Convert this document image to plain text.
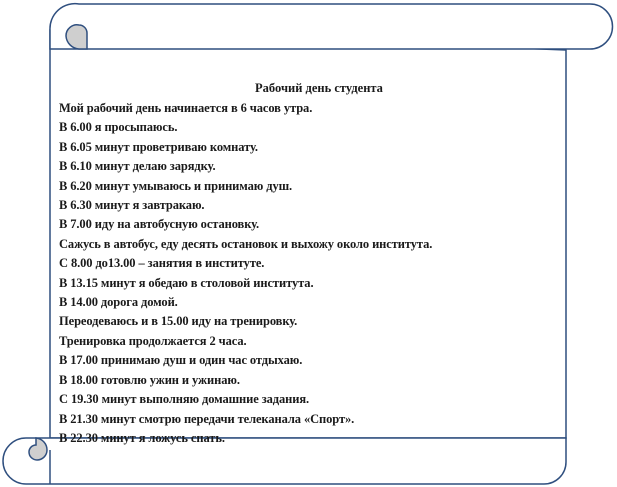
Рабочий день студента
Мой рабочий день начинается в 6 часов утра.
В 6.00 я просыпаюсь.
В 6.05 минут проветриваю комнату.
В 6.10 минут делаю зарядку.
В 6.20 минут умываюсь и принимаю душ.
В 6.30 минут я завтракаю.
В 7.00 иду на автобусную остановку.
Сажусь в автобус, еду десять остановок и выхожу около института.
С 8.00 до13.00 – занятия в институте.
В 13.15 минут я обедаю в столовой института.
В 14.00 дорога домой.
Переодеваюсь и в 15.00 иду на тренировку.
Тренировка продолжается 2 часа.
В 17.00 принимаю душ и один час отдыхаю.
В 18.00 готовлю ужин и ужинаю.
С 19.30 минут выполняю домашние задания.
В 21.30 минут смотрю передачи телеканала «Спорт».
В 22.30 минут я ложусь спать.
